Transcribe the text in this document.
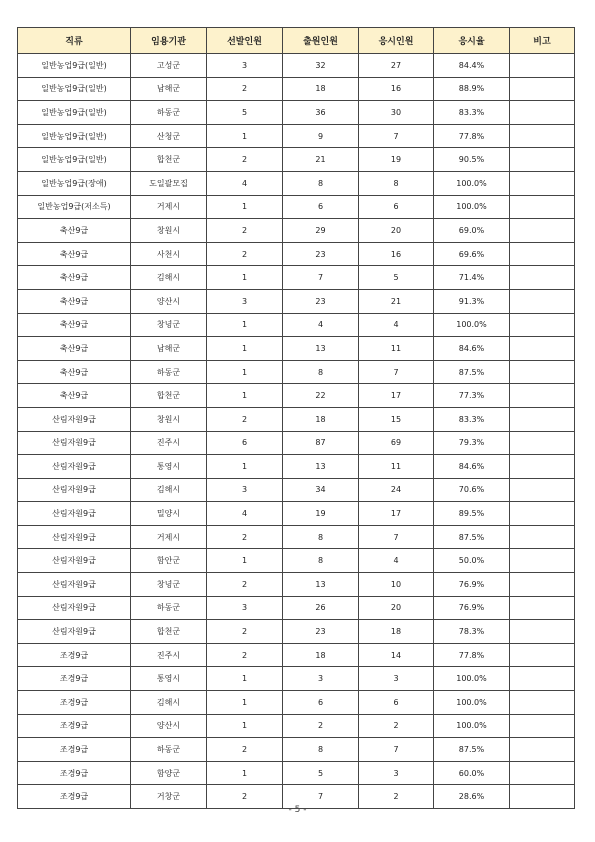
직류	임용기관	선발인원	출원인원	응시인원	응시율	비고
일반농업9급(일반)	고성군	3	32	27	84.4%	
일반농업9급(일반)	남해군	2	18	16	88.9%	
일반농업9급(일반)	하동군	5	36	30	83.3%	
일반농업9급(일반)	산청군	1	9	7	77.8%	
일반농업9급(일반)	합천군	2	21	19	90.5%	
일반농업9급(장애)	도일괄모집	4	8	8	100.0%	
일반농업9급(저소득)	거제시	1	6	6	100.0%	
축산9급	창원시	2	29	20	69.0%	
축산9급	사천시	2	23	16	69.6%	
축산9급	김해시	1	7	5	71.4%	
축산9급	양산시	3	23	21	91.3%	
축산9급	창녕군	1	4	4	100.0%	
축산9급	남해군	1	13	11	84.6%	
축산9급	하동군	1	8	7	87.5%	
축산9급	합천군	1	22	17	77.3%	
산림자원9급	창원시	2	18	15	83.3%	
산림자원9급	진주시	6	87	69	79.3%	
산림자원9급	통영시	1	13	11	84.6%	
산림자원9급	김해시	3	34	24	70.6%	
산림자원9급	밀양시	4	19	17	89.5%	
산림자원9급	거제시	2	8	7	87.5%	
산림자원9급	함안군	1	8	4	50.0%	
산림자원9급	창녕군	2	13	10	76.9%	
산림자원9급	하동군	3	26	20	76.9%	
산림자원9급	합천군	2	23	18	78.3%	
조경9급	진주시	2	18	14	77.8%	
조경9급	통영시	1	3	3	100.0%	
조경9급	김해시	1	6	6	100.0%	
조경9급	양산시	1	2	2	100.0%	
조경9급	하동군	2	8	7	87.5%	
조경9급	함양군	1	5	3	60.0%	
조경9급	거창군	2	7	2	28.6%	
- 5 -
